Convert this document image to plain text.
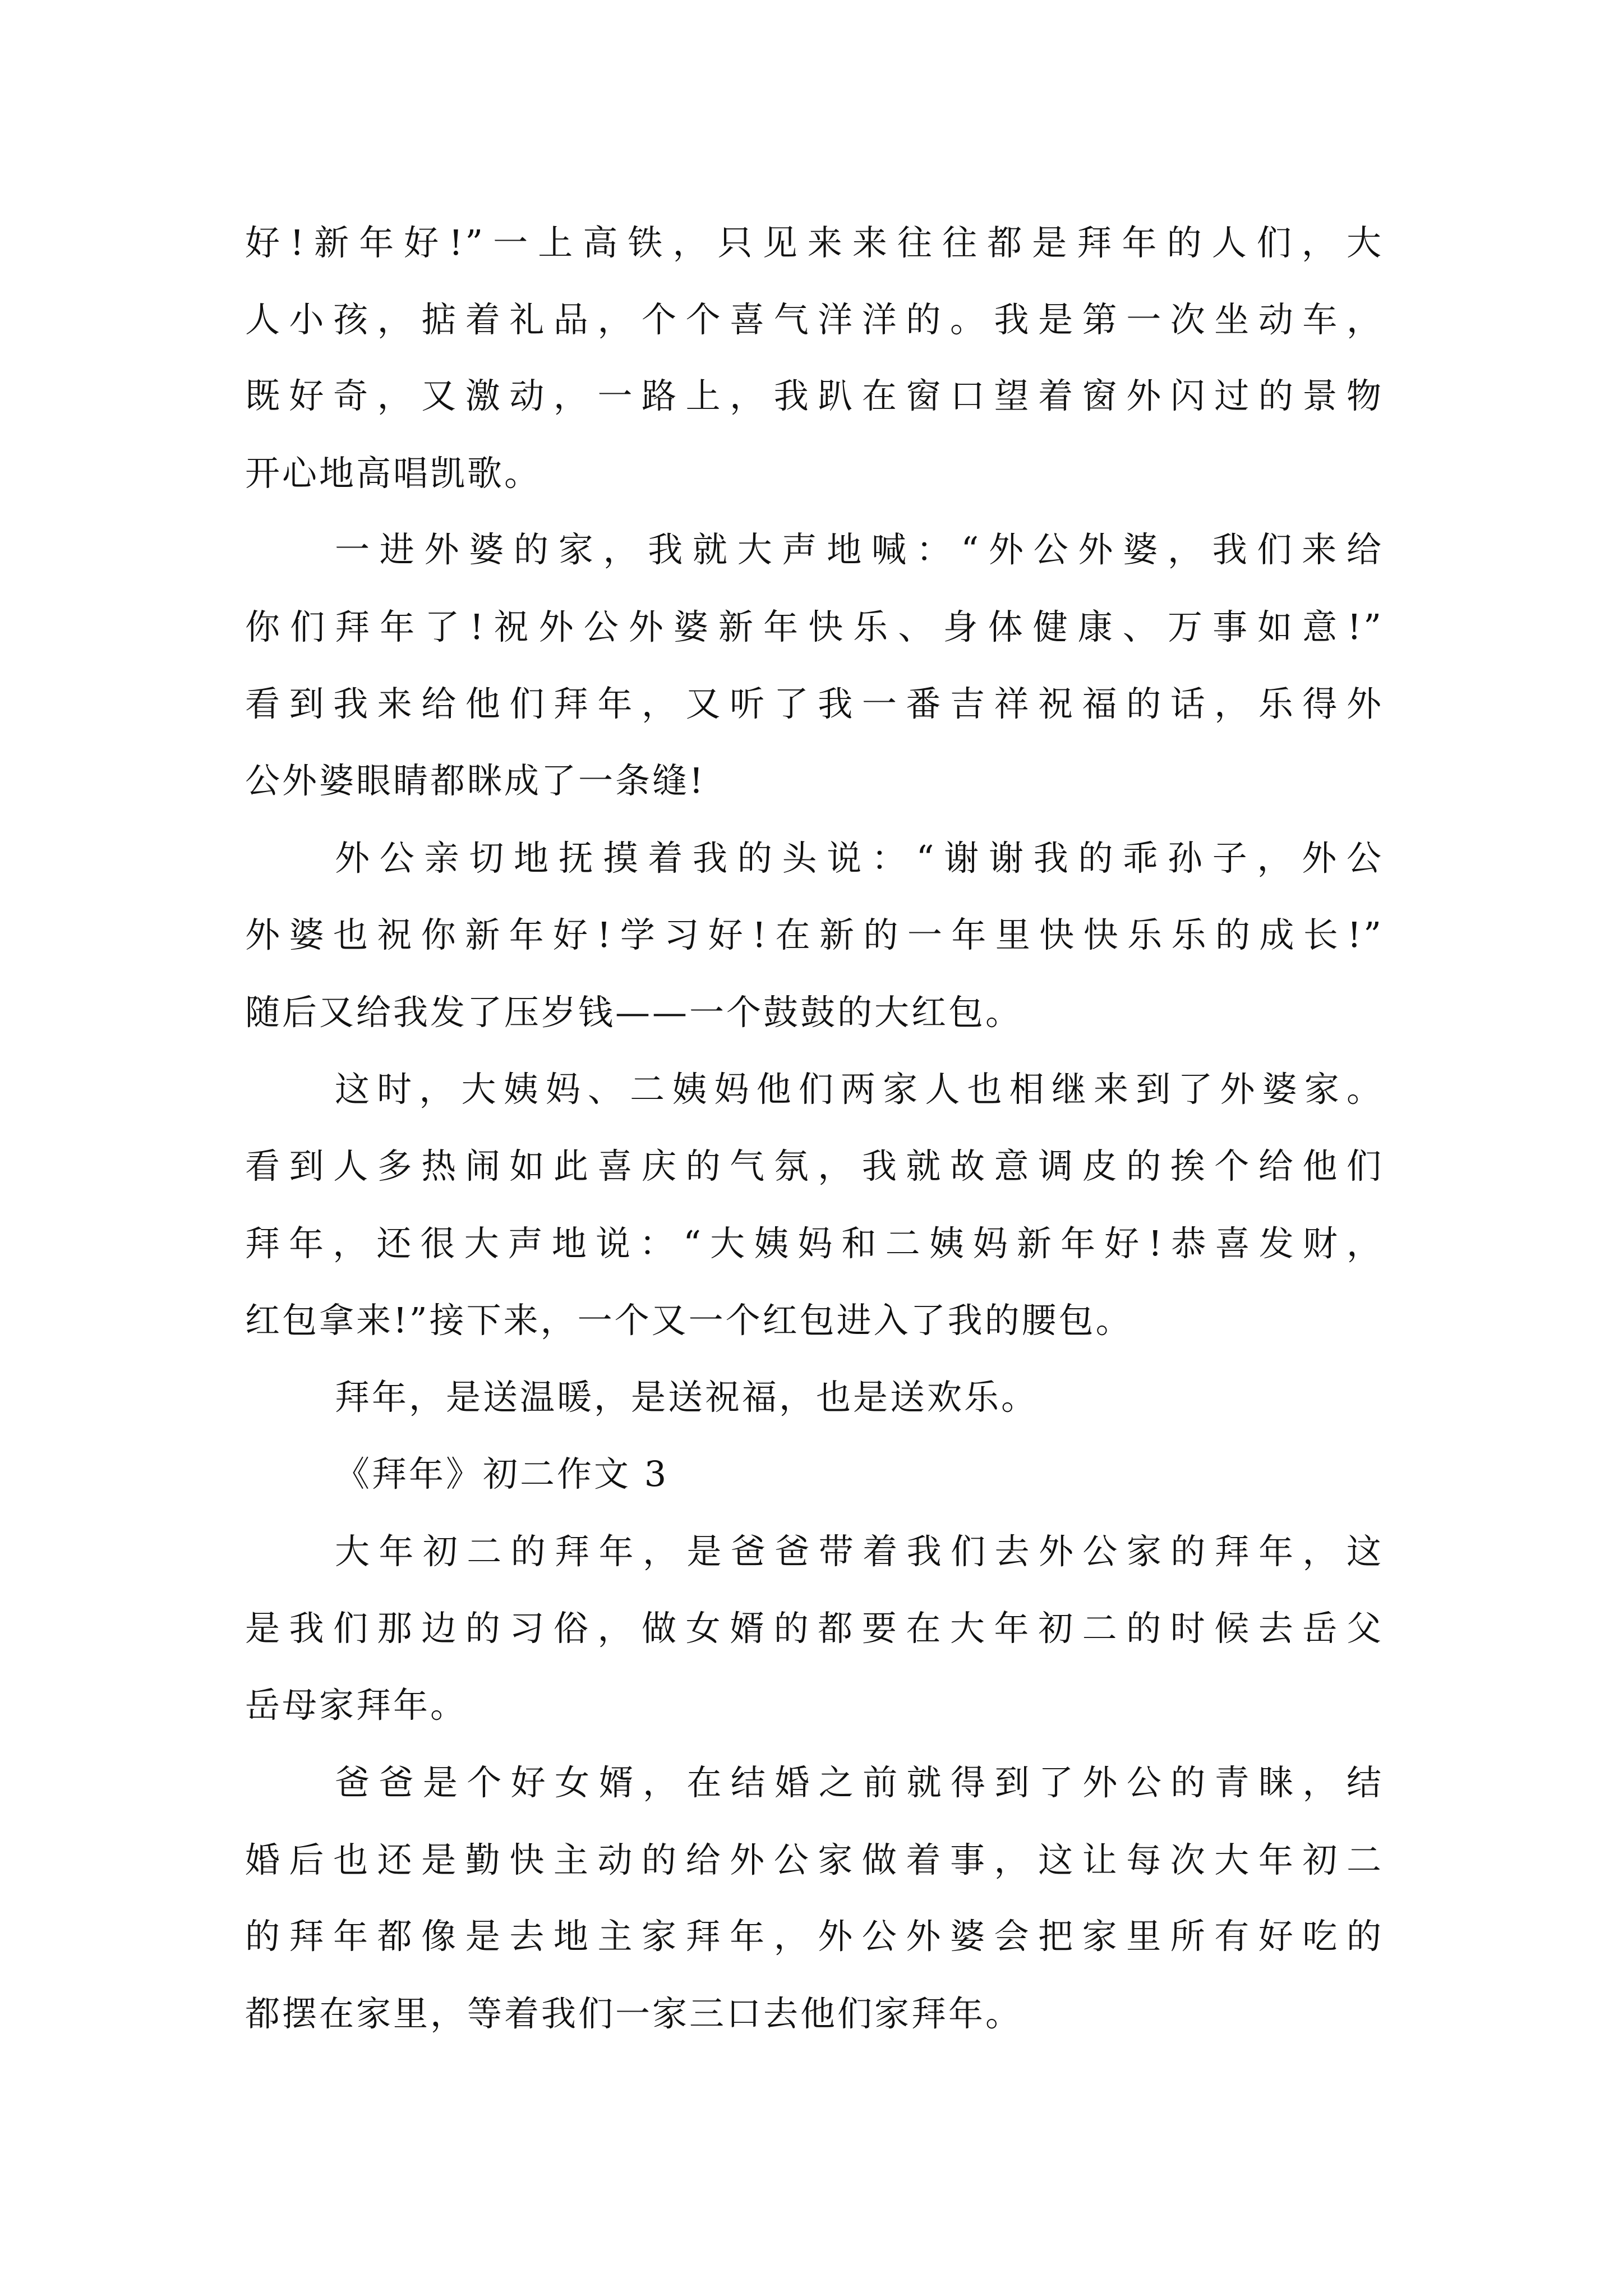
好!新年好!”一上高铁，只见来来往往都是拜年的人们，大
人小孩，掂着礼品，个个喜气洋洋的。我是第一次坐动车，
既好奇，又激动，一路上，我趴在窗口望着窗外闪过的景物
开心地高唱凯歌。
一进外婆的家，我就大声地喊：“外公外婆，我们来给
你们拜年了!祝外公外婆新年快乐、身体健康、万事如意!”
看到我来给他们拜年，又听了我一番吉祥祝福的话，乐得外
公外婆眼睛都眯成了一条缝!
外公亲切地抚摸着我的头说：“谢谢我的乖孙子，外公
外婆也祝你新年好!学习好!在新的一年里快快乐乐的成长!”
随后又给我发了压岁钱——一个鼓鼓的大红包。
这时，大姨妈、二姨妈他们两家人也相继来到了外婆家。
看到人多热闹如此喜庆的气氛，我就故意调皮的挨个给他们
拜年，还很大声地说：“大姨妈和二姨妈新年好!恭喜发财，
红包拿来!”接下来，一个又一个红包进入了我的腰包。
拜年，是送温暖，是送祝福，也是送欢乐。
《拜年》初二作文 3
大年初二的拜年，是爸爸带着我们去外公家的拜年，这
是我们那边的习俗，做女婿的都要在大年初二的时候去岳父
岳母家拜年。
爸爸是个好女婿，在结婚之前就得到了外公的青睐，结
婚后也还是勤快主动的给外公家做着事，这让每次大年初二
的拜年都像是去地主家拜年，外公外婆会把家里所有好吃的
都摆在家里，等着我们一家三口去他们家拜年。
